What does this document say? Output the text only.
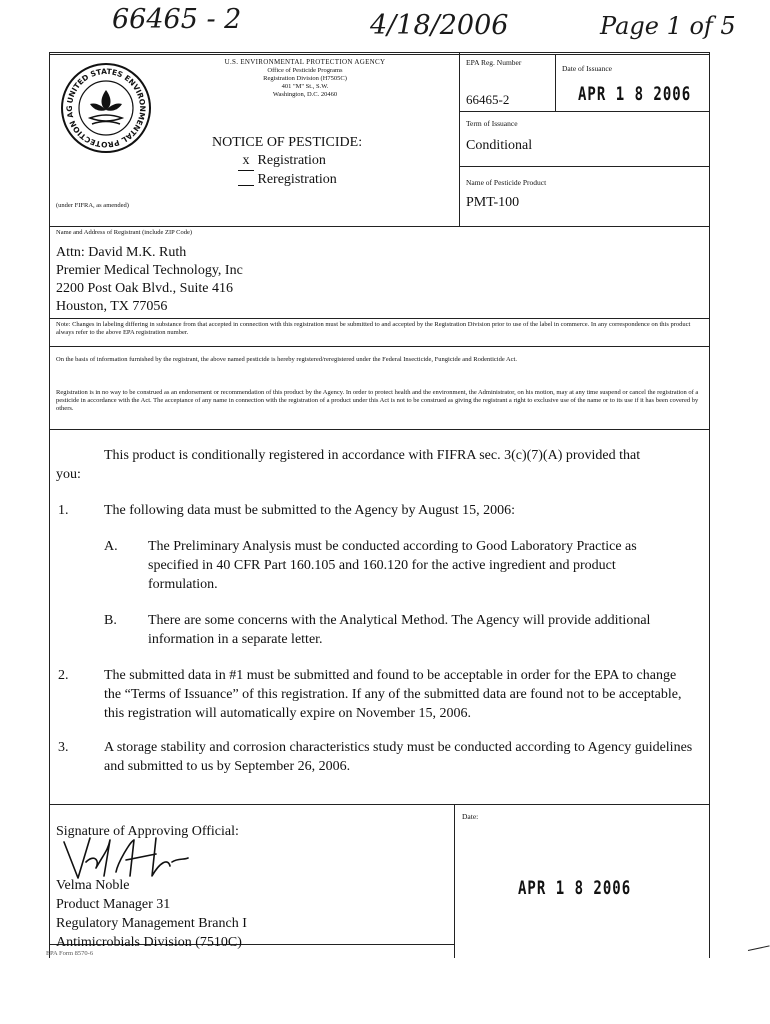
66465 - 2	4/18/2006	Page 1 of 5
UNITED STATES ENVIRONMENTAL PROTECTION AG
U.S. ENVIRONMENTAL PROTECTION AGENCY
Office of Pesticide Programs
Registration Division (H7505C)
401 "M" St., S.W.
Washington, D.C. 20460
NOTICE OF PESTICIDE:
x Registration
Reregistration
(under FIFRA, as amended)
EPA Reg. Number
66465-2
Date of Issuance
APR 1 8 2006
Term of Issuance
Conditional
Name of Pesticide Product
PMT-100
Name and Address of Registrant (include ZIP Code)
Attn: David M.K. Ruth
Premier Medical Technology, Inc
2200 Post Oak Blvd., Suite 416
Houston, TX 77056
Note: Changes in labeling differing in substance from that accepted in connection with this registration must be submitted to and accepted by the Registration Division prior to use of the label in commerce. In any correspondence on this product always refer to the above EPA registration number.
On the basis of information furnished by the registrant, the above named pesticide is hereby registered/reregistered under the Federal Insecticide, Fungicide and Rodenticide Act.
Registration is in no way to be construed as an endorsement or recommendation of this product by the Agency. In order to protect health and the environment, the Administrator, on his motion, may at any time suspend or cancel the registration of a pesticide in accordance with the Act. The acceptance of any name in connection with the registration of a product under this Act is not to be construed as giving the registrant a right to exclusive use of the name or to its use if it has been covered by others.
This product is conditionally registered in accordance with FIFRA sec. 3(c)(7)(A) provided that
you:
1.	The following data must be submitted to the Agency by August 15, 2006:
A. The Preliminary Analysis must be conducted according to Good Laboratory Practice as specified in 40 CFR Part 160.105 and 160.120 for the active ingredient and product formulation.
B. There are some concerns with the Analytical Method. The Agency will provide additional information in a separate letter.
2.	The submitted data in #1 must be submitted and found to be acceptable in order for the EPA to change the “Terms of Issuance” of this registration. If any of the submitted data are found not to be acceptable, this registration will automatically expire on November 15, 2006.
3.	A storage stability and corrosion characteristics study must be conducted according to Agency guidelines and submitted to us by September 26, 2006.
Signature of Approving Official:
Velma Noble
Product Manager 31
Regulatory Management Branch I
Antimicrobials Division (7510C)
Date:
APR 1 8 2006
EPA Form 8570-6
